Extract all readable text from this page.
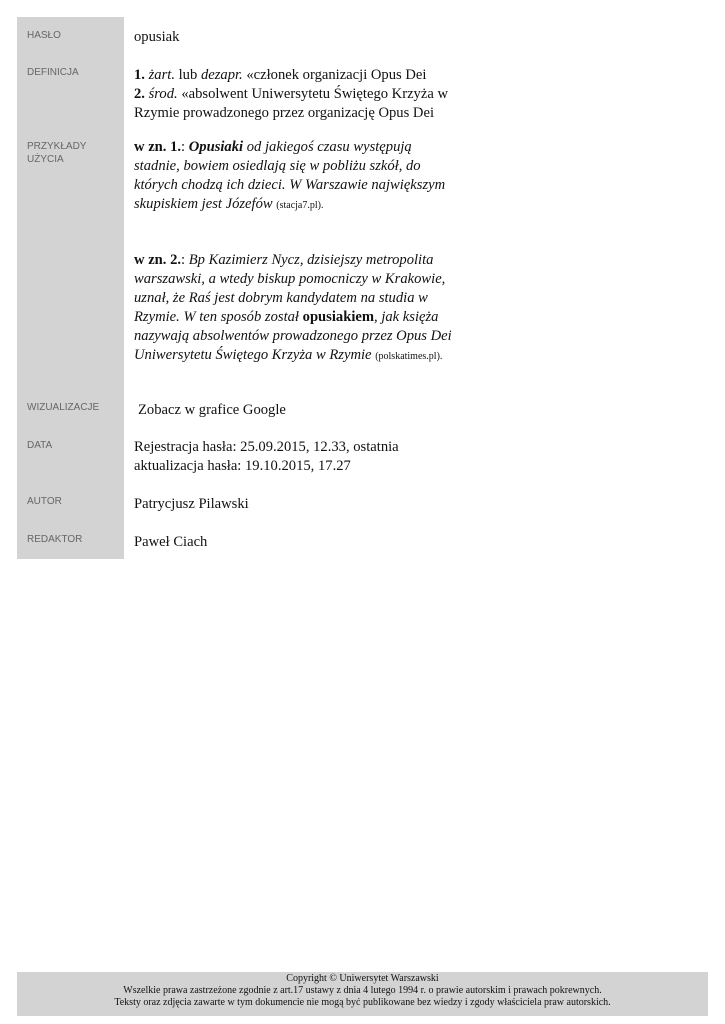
HASŁO
DEFINICJA
PRZYKŁADY
UŻYCIA
WIZUALIZACJE
DATA
AUTOR
REDAKTOR
opusiak
1. żart. lub dezapr. «członek organizacji Opus Dei
2. środ. «absolwent Uniwersytetu Świętego Krzyża w Rzymie prowadzonego przez organizację Opus Dei
w zn. 1.: Opusiaki od jakiegoś czasu występują stadnie, bowiem osiedlają się w pobliżu szkół, do których chodzą ich dzieci. W Warszawie największym skupiskiem jest Józefów (stacja7.pl).
w zn. 2.: Bp Kazimierz Nycz, dzisiejszy metropolita warszawski, a wtedy biskup pomocniczy w Krakowie, uznał, że Raś jest dobrym kandydatem na studia w Rzymie. W ten sposób został opusiakiem, jak księża nazywają absolwentów prowadzonego przez Opus Dei Uniwersytetu Świętego Krzyża w Rzymie (polskatimes.pl).
Zobacz w grafice Google
Rejestracja hasła: 25.09.2015, 12.33, ostatnia aktualizacja hasła: 19.10.2015, 17.27
Patrycjusz Pilawski
Paweł Ciach
Copyright © Uniwersytet Warszawski
Wszelkie prawa zastrzeżone zgodnie z art.17 ustawy z dnia 4 lutego 1994 r. o prawie autorskim i prawach pokrewnych.
Teksty oraz zdjęcia zawarte w tym dokumencie nie mogą być publikowane bez wiedzy i zgody właściciela praw autorskich.
